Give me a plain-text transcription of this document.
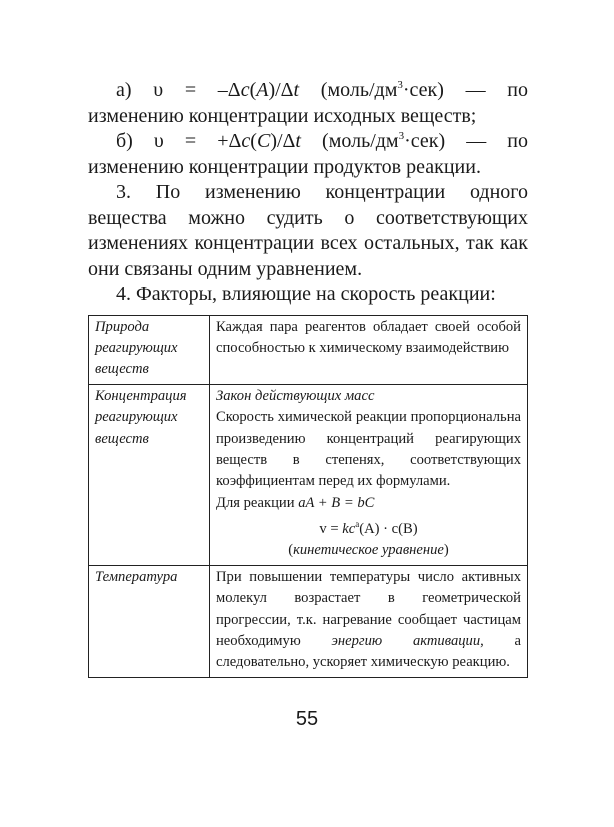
а) υ = –Δc(A)/Δt $(моль/дм^3\cdot сек)$ — по изменению концентрации исходных веществ;

б) υ = +Δc(C)/Δt $(моль/дм^3\cdot сек)$ — по изменению концентрации продуктов реакции.

3. По изменению концентрации одного вещества можно судить о соответствующих изменениях концентрации всех остальных, так как они связаны одним уравнением.

4. Факторы, влияющие на скорость реакции:

Природа реагирующих веществ	Каждая пара реагентов обладает своей особой способностью к химическому взаимодействию
Концентрация реагирующих веществ	Закон действующих масс
Скорость химической реакции пропорциональна произведению концентраций реагирующих веществ в степенях, соответствующих коэффициентам перед их формулами.
Для реакции aA + B = bC
$v = kc^a(A) \cdot c(B)$
(кинетическое уравнение)

Температура	При повышении температуры число активных молекул возрастает в геометрической прогрессии, т.к. нагревание сообщает частицам необходимую энергию активации, а следовательно, ускоряет химическую реакцию.
55
